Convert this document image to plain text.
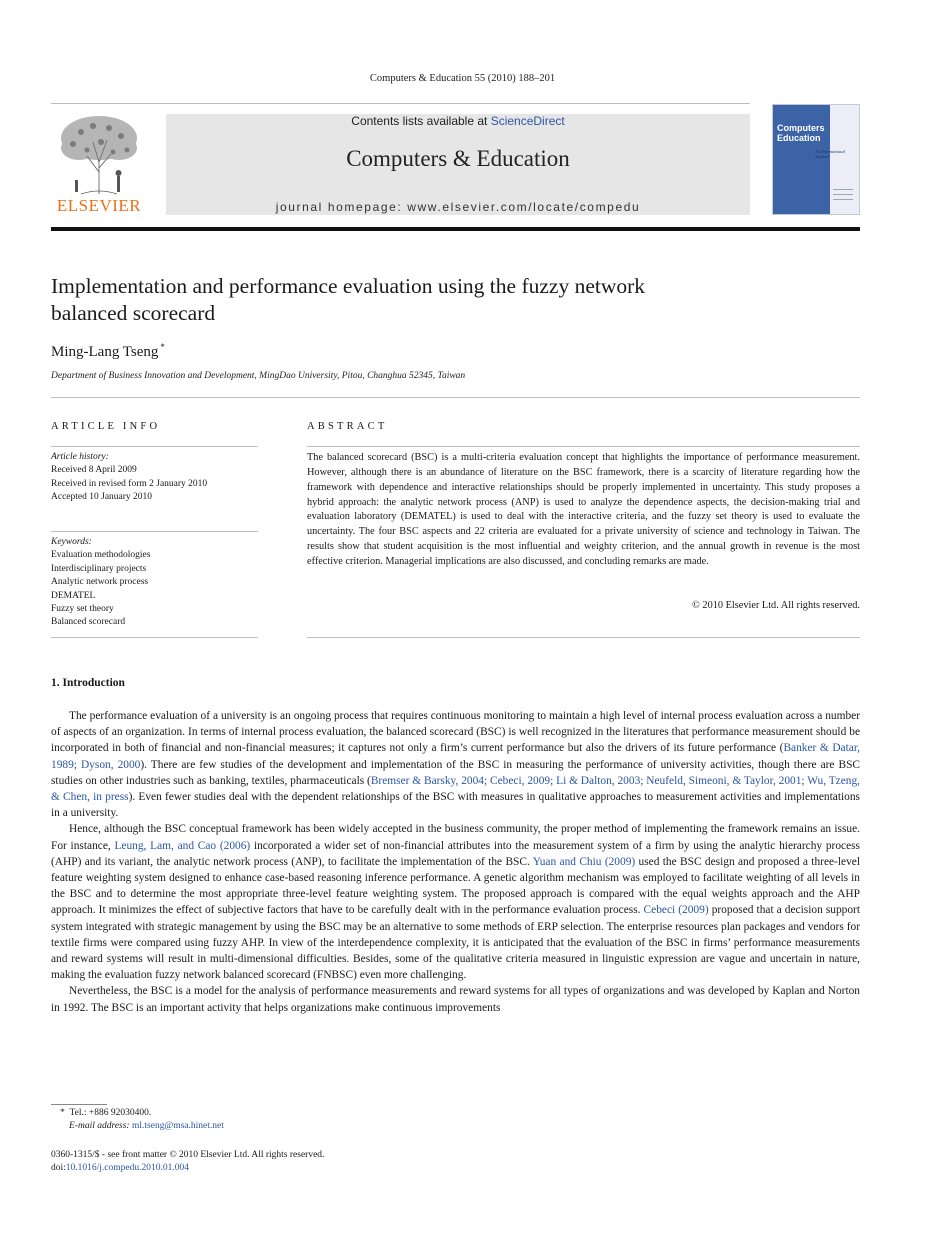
Computers & Education 55 (2010) 188–201
ELSEVIER
Contents lists available at ScienceDirect
Computers & Education
journal homepage: www.elsevier.com/locate/compedu
Computers
Education
An International Journal
Implementation and performance evaluation using the fuzzy network
balanced scorecard
Ming-Lang Tseng *
Department of Business Innovation and Development, MingDao University, Pitou, Changhua 52345, Taiwan
ARTICLE INFO
Article history:
Received 8 April 2009
Received in revised form 2 January 2010
Accepted 10 January 2010
Keywords:
Evaluation methodologies
Interdisciplinary projects
Analytic network process
DEMATEL
Fuzzy set theory
Balanced scorecard
ABSTRACT
The balanced scorecard (BSC) is a multi-criteria evaluation concept that highlights the importance of performance measurement. However, although there is an abundance of literature on the BSC framework, there is a scarcity of literature regarding how the framework with dependence and interactive relationships should be properly implemented in uncertainty. This study proposes a hybrid approach: the analytic network process (ANP) is used to analyze the dependence aspects, the decision-making trial and evaluation laboratory (DEMATEL) is used to deal with the interactive criteria, and the fuzzy set theory is used to evaluate the uncertainty. The four BSC aspects and 22 criteria are evaluated for a private university of science and technology in Taiwan. The results show that student acquisition is the most influential and weighty criterion, and the annual growth in revenue is the most effective criterion. Managerial implications are also discussed, and concluding remarks are made.
© 2010 Elsevier Ltd. All rights reserved.
1. Introduction

The performance evaluation of a university is an ongoing process that requires continuous monitoring to maintain a high level of internal process evaluation across a number of aspects of an organization. In terms of internal process evaluation, the balanced scorecard (BSC) is well recognized in the literatures that performance measurement should be incorporated in both of financial and non-financial measures; it captures not only a firm’s current performance but also the drivers of its future performance (Banker & Datar, 1989; Dyson, 2000). There are few studies of the development and implementation of the BSC in measuring the performance of university activities, though there are BSC studies on other industries such as banking, textiles, pharmaceuticals (Bremser & Barsky, 2004; Cebeci, 2009; Li & Dalton, 2003; Neufeld, Simeoni, & Taylor, 2001; Wu, Tzeng, & Chen, in press). Even fewer studies deal with the dependent relationships of the BSC with measures in qualitative approaches to measurement activities and implementations in a university.

Hence, although the BSC conceptual framework has been widely accepted in the business community, the proper method of implementing the framework remains an issue. For instance, Leung, Lam, and Cao (2006) incorporated a wider set of non-financial attributes into the measurement system of a firm by using the analytic hierarchy process (AHP) and its variant, the analytic network process (ANP), to facilitate the implementation of the BSC. Yuan and Chiu (2009) used the BSC design and proposed a three-level feature weighting system designed to enhance case-based reasoning inference performance. A genetic algorithm mechanism was employed to facilitate weighting of all levels in the BSC and to determine the most appropriate three-level feature weighting system. The proposed approach is compared with the equal weights approach and the AHP approach. It minimizes the effect of subjective factors that have to be carefully dealt with in the performance evaluation process. Cebeci (2009) proposed that a decision support system integrated with strategic management by using the BSC may be an alternative to some methods of ERP selection. The enterprise resources plan packages and vendors for textile firms were compared using fuzzy AHP. In view of the interdependence complexity, it is anticipated that the evaluation of the BSC in firms’ performance measurements and reward systems will result in multi-dimensional difficulties. Besides, some of the qualitative criteria measured in linguistic expression are vague and uncertain in nature, making the evaluation fuzzy network balanced scorecard (FNBSC) even more challenging.

Nevertheless, the BSC is a model for the analysis of performance measurements and reward systems for all types of organizations and was developed by Kaplan and Norton in 1992. The BSC is an important activity that helps organizations make continuous improvements

* Tel.: +886 92030400.
E-mail address: ml.tseng@msa.hinet.net
0360-1315/$ - see front matter © 2010 Elsevier Ltd. All rights reserved.
doi:10.1016/j.compedu.2010.01.004
